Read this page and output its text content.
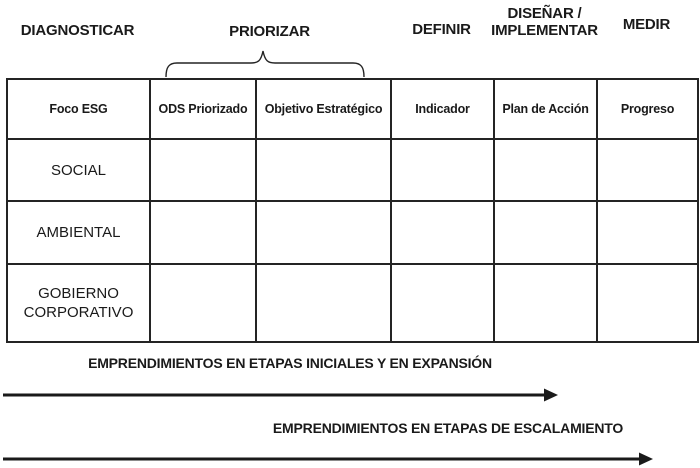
DIAGNOSTICAR	PRIORIZAR	DEFINIR
DISEÑAR / IMPLEMENTAR	MEDIR
Foco ESG	ODS Priorizado	Objetivo Estratégico	Indicador	Plan de Acción	Progreso
SOCIAL					
AMBIENTAL					
GOBIERNO CORPORATIVO					
EMPRENDIMIENTOS EN ETAPAS INICIALES Y EN EXPANSIÓN
EMPRENDIMIENTOS EN ETAPAS DE ESCALAMIENTO
